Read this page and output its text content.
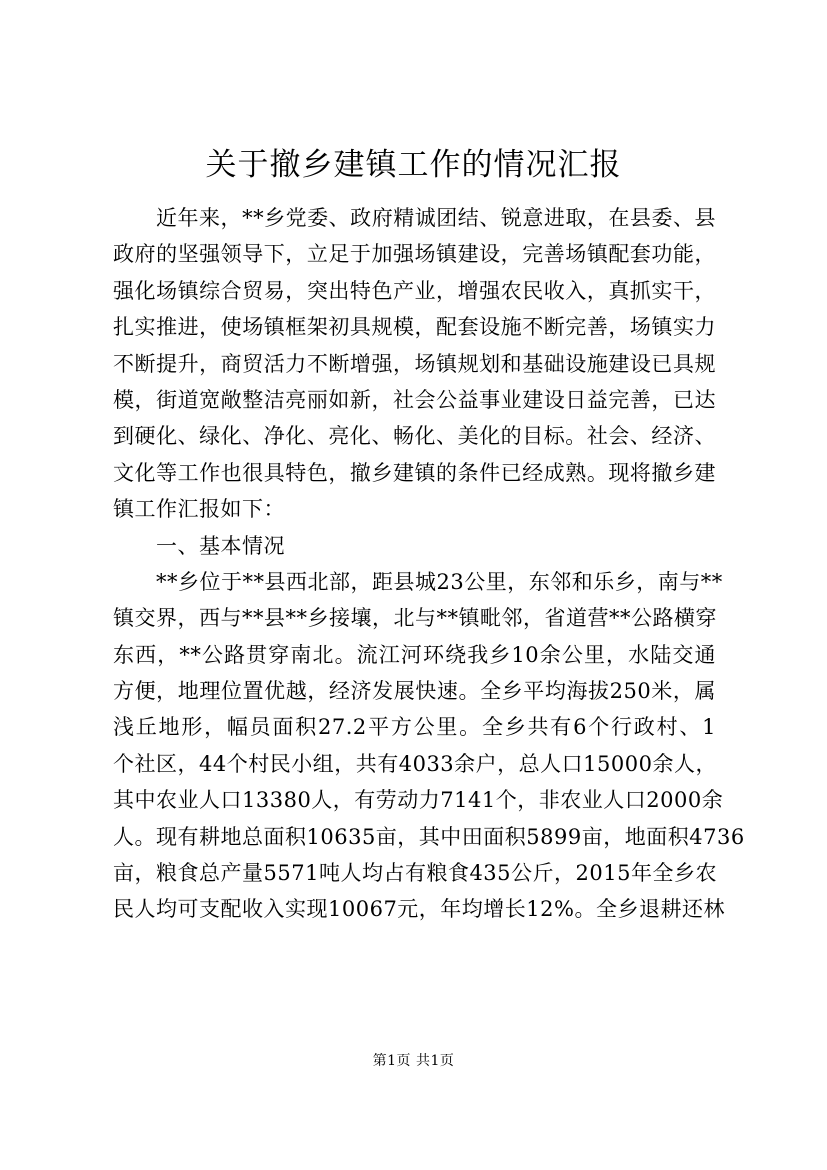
关于撤乡建镇工作的情况汇报
近年来，**乡党委、政府精诚团结、锐意进取，在县委、县
政府的坚强领导下，立足于加强场镇建设，完善场镇配套功能，
强化场镇综合贸易，突出特色产业，增强农民收入，真抓实干，
扎实推进，使场镇框架初具规模，配套设施不断完善，场镇实力
不断提升，商贸活力不断增强，场镇规划和基础设施建设已具规
模，街道宽敞整洁亮丽如新，社会公益事业建设日益完善，已达
到硬化、绿化、净化、亮化、畅化、美化的目标。社会、经济、
文化等工作也很具特色，撤乡建镇的条件已经成熟。现将撤乡建
镇工作汇报如下：
一、基本情况
**乡位于**县西北部，距县城23公里，东邻和乐乡，南与**
镇交界，西与**县**乡接壤，北与**镇毗邻，省道营**公路横穿
东西，**公路贯穿南北。流江河环绕我乡10余公里，水陆交通
方便，地理位置优越，经济发展快速。全乡平均海拔250米，属
浅丘地形，幅员面积27.2平方公里。全乡共有6个行政村、1
个社区，44个村民小组，共有4033余户，总人口15000余人，
其中农业人口13380人，有劳动力7141个，非农业人口2000余
人。现有耕地总面积10635亩，其中田面积5899亩，地面积4736
亩，粮食总产量5571吨人均占有粮食435公斤，2015年全乡农
民人均可支配收入实现10067元，年均增长12%。全乡退耕还林
第1页 共1页
